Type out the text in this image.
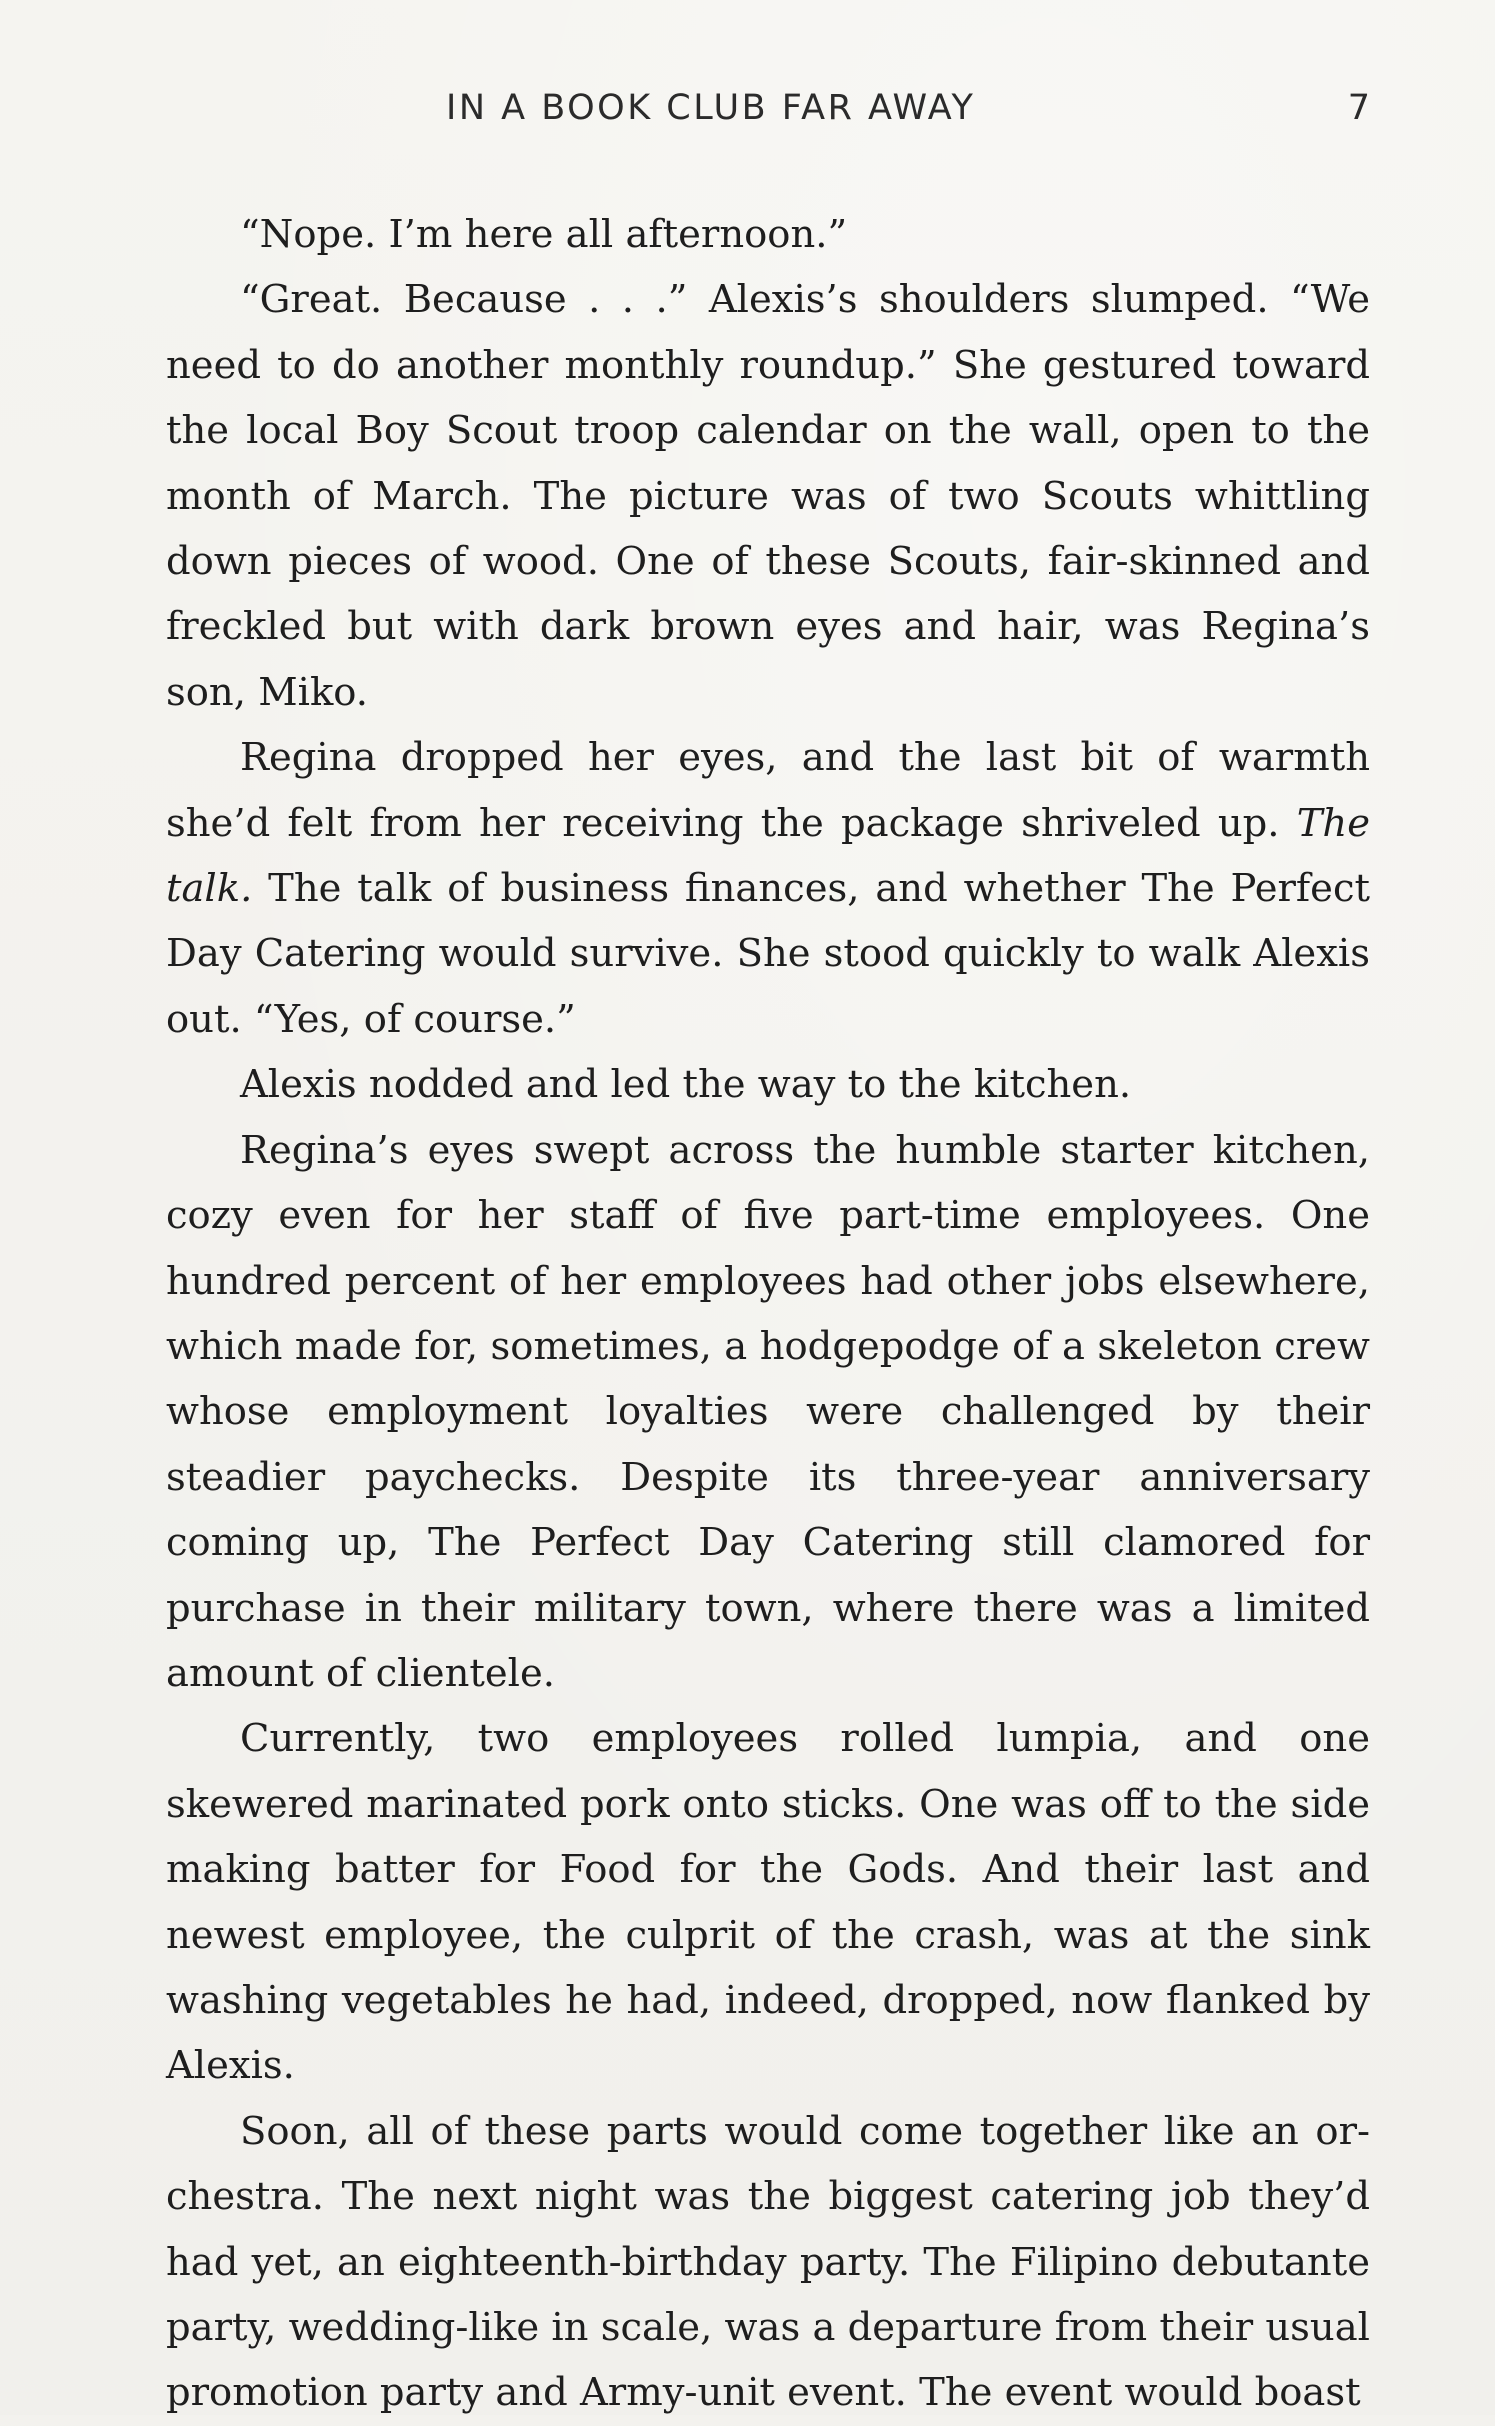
IN A BOOK CLUB FAR AWAY	7

“Nope. I’m here all afternoon.”

“Great. Because . . .” Alexis’s shoulders slumped. “We need to do another monthly roundup.” She gestured toward the local Boy Scout troop calendar on the wall, open to the month of March. The picture was of two Scouts whittling down pieces of wood. One of these Scouts, fair-skinned and freckled but with dark brown eyes and hair, was Regina’s son, Miko.

Regina dropped her eyes, and the last bit of warmth she’d felt from her receiving the package shriveled up. The talk. The talk of business finances, and whether The Perfect Day Catering would survive. She stood quickly to walk Alexis out. “Yes, of course.”

Alexis nodded and led the way to the kitchen.

Regina’s eyes swept across the humble starter kitchen, cozy even for her staff of five part-time employees. One hundred percent of her employees had other jobs elsewhere, which made for, sometimes, a hodgepodge of a skeleton crew whose employment loyalties were challenged by their steadier paychecks. Despite its three-year anniversary coming up, The Perfect Day Catering still clamored for purchase in their military town, where there was a limited amount of clientele.

Currently, two employees rolled lumpia, and one skewered marinated pork onto sticks. One was off to the side making batter for Food for the Gods. And their last and newest employee, the culprit of the crash, was at the sink washing vegetables he had, indeed, dropped, now flanked by Alexis.

Soon, all of these parts would come together like an orchestra. The next night was the biggest catering job they’d had yet, an eighteenth-birthday party. The Filipino debutante party, wedding-like in scale, was a departure from their usual promotion party and Army-unit event. The event would boast
